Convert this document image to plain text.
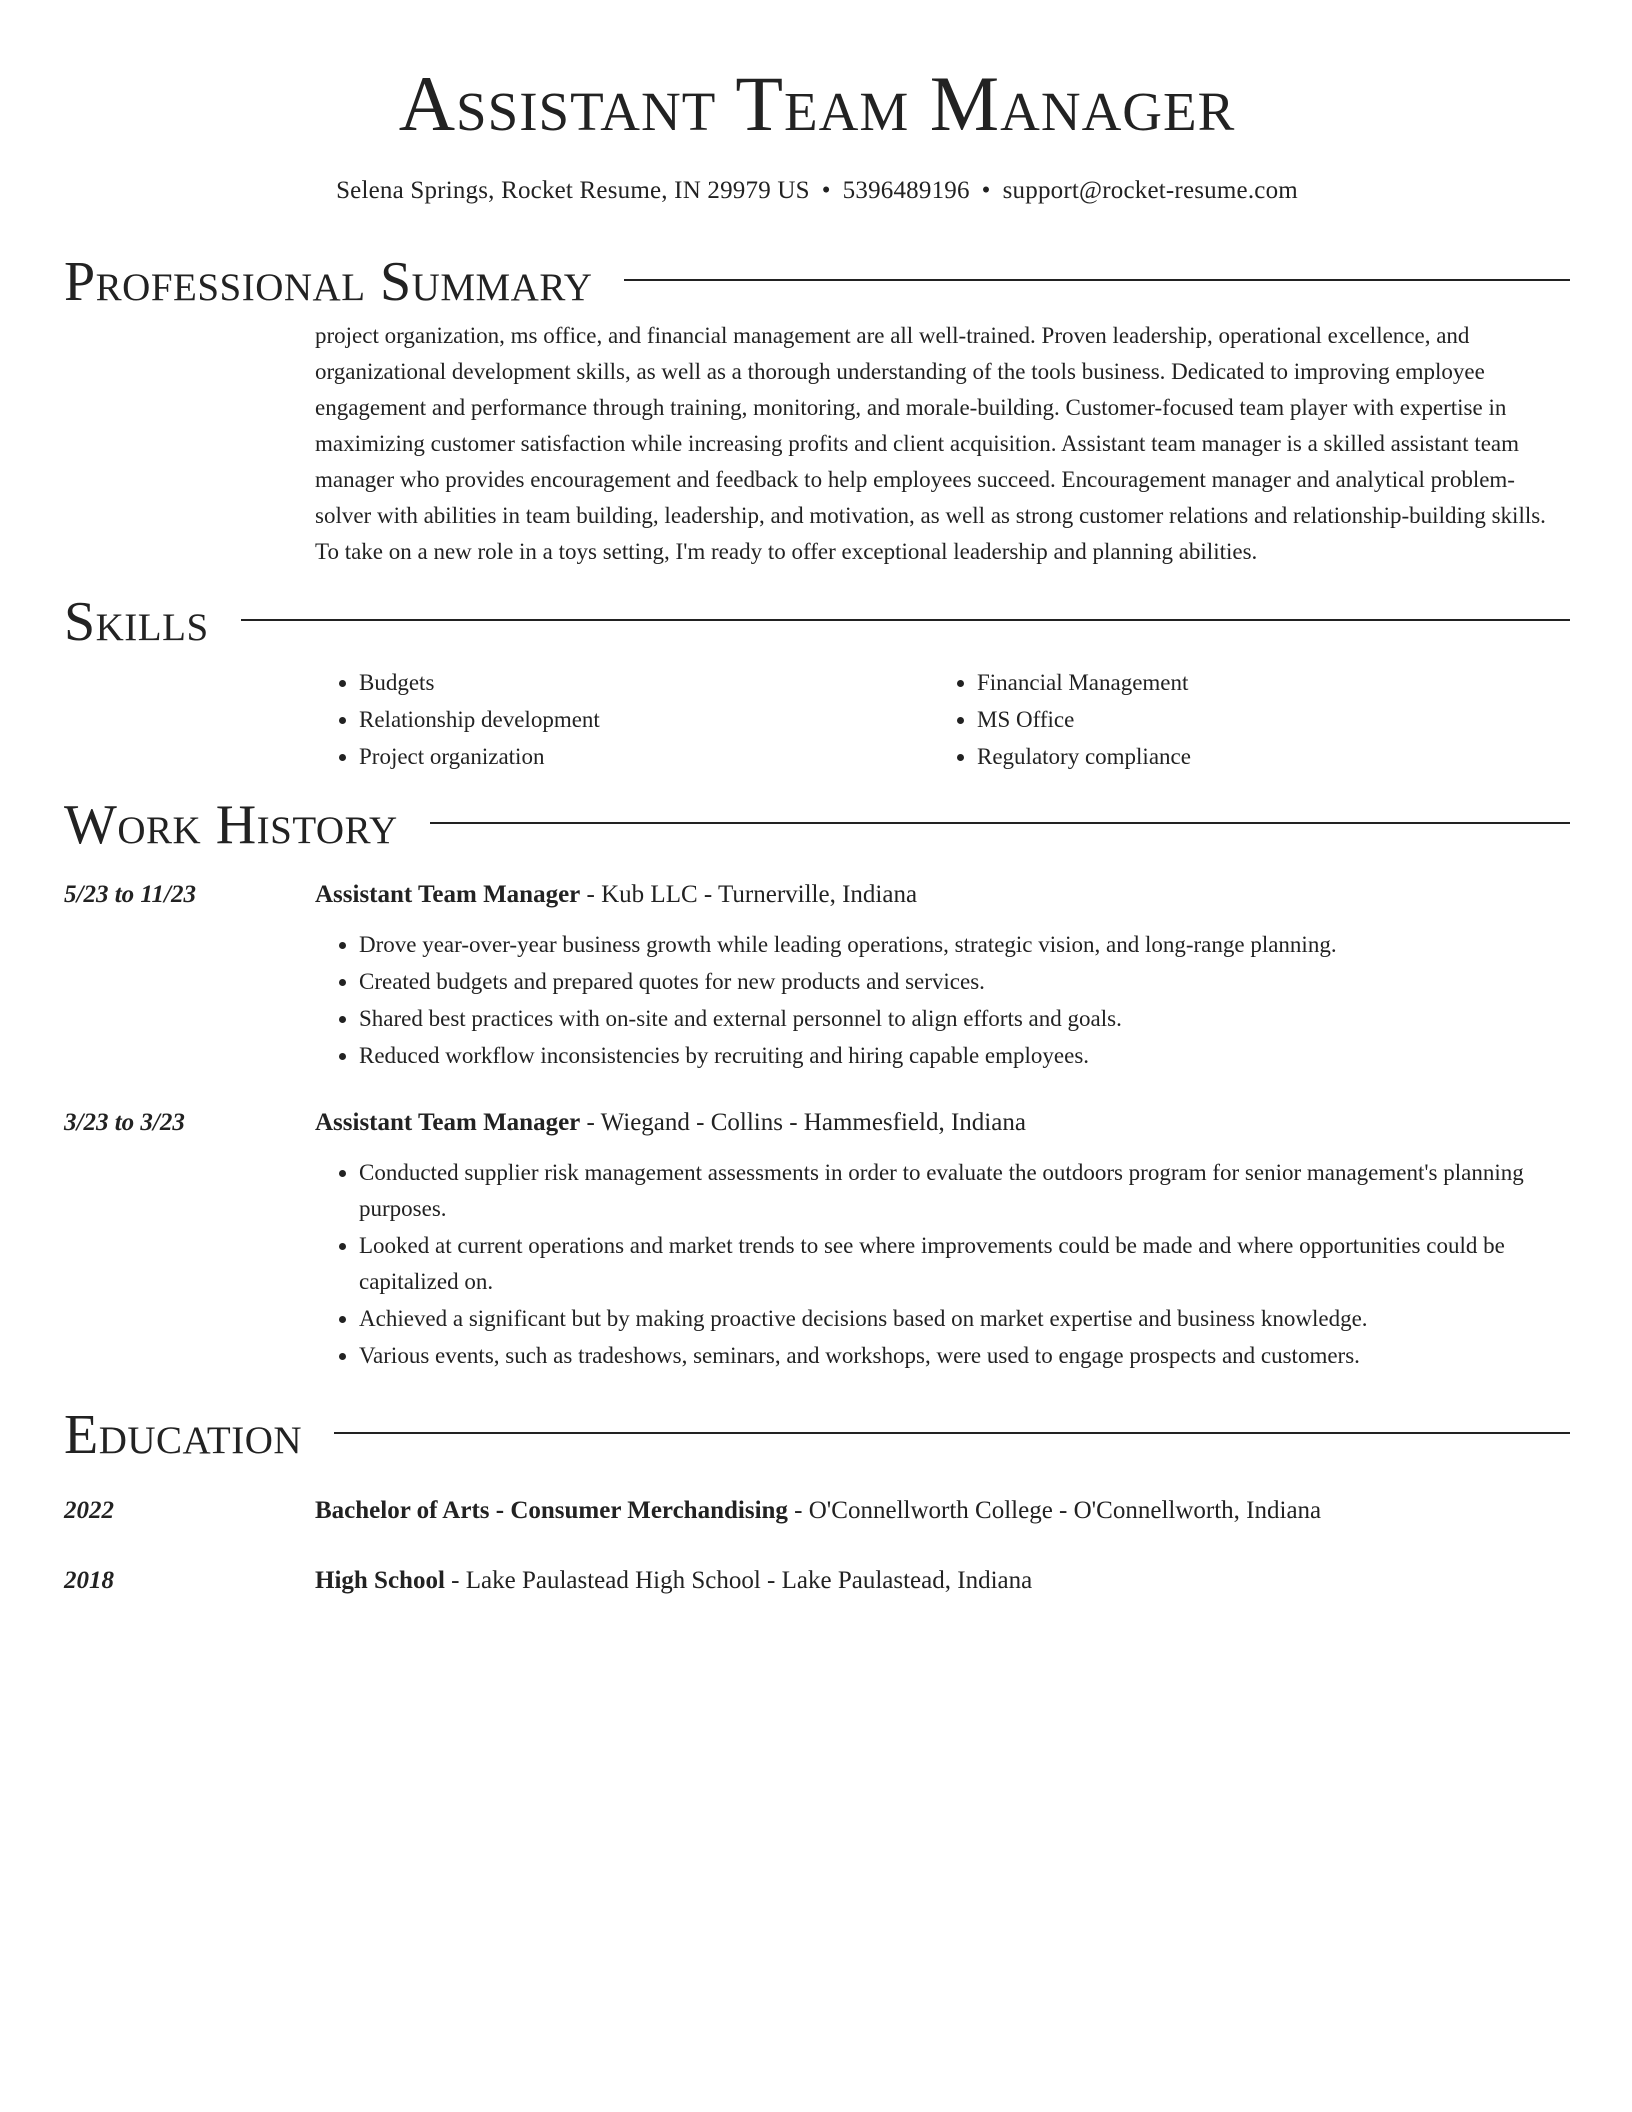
Assistant Team Manager
Selena Springs, Rocket Resume, IN 29979 US • 5396489196 • support@rocket-resume.com
Professional Summary
project organization, ms office, and financial management are all well-trained. Proven leadership, operational excellence, and organizational development skills, as well as a thorough understanding of the tools business. Dedicated to improving employee engagement and performance through training, monitoring, and morale-building. Customer-focused team player with expertise in maximizing customer satisfaction while increasing profits and client acquisition. Assistant team manager is a skilled assistant team manager who provides encouragement and feedback to help employees succeed. Encouragement manager and analytical problem-solver with abilities in team building, leadership, and motivation, as well as strong customer relations and relationship-building skills. To take on a new role in a toys setting, I'm ready to offer exceptional leadership and planning abilities.
Skills
• Budgets
• Relationship development
• Project organization
• Financial Management
• MS Office
• Regulatory compliance
Work History
5/23 to 11/23	Assistant Team Manager - Kub LLC - Turnerville, Indiana
• Drove year-over-year business growth while leading operations, strategic vision, and long-range planning.
• Created budgets and prepared quotes for new products and services.
• Shared best practices with on-site and external personnel to align efforts and goals.
• Reduced workflow inconsistencies by recruiting and hiring capable employees.
3/23 to 3/23	Assistant Team Manager - Wiegand - Collins - Hammesfield, Indiana
• Conducted supplier risk management assessments in order to evaluate the outdoors program for senior management's planning purposes.
• Looked at current operations and market trends to see where improvements could be made and where opportunities could be capitalized on.
• Achieved a significant but by making proactive decisions based on market expertise and business knowledge.
• Various events, such as tradeshows, seminars, and workshops, were used to engage prospects and customers.
Education
2022	Bachelor of Arts - Consumer Merchandising - O'Connellworth College - O'Connellworth, Indiana
2018	High School - Lake Paulastead High School - Lake Paulastead, Indiana
